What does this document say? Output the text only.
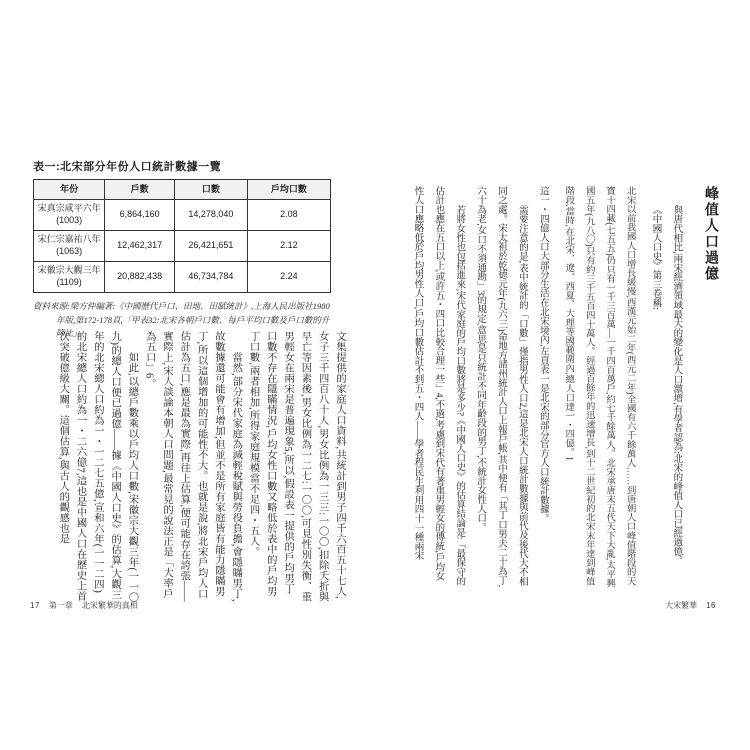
峰值人口過億

與唐代相比,兩宋經濟領域最大的變化是人口激增,有學者認為:北宋的峰值人口已經過億。

《中國人口史》第三卷稱:

北宋以前我國人口增長緩慢,西漢元始二年(西元二年)全國有六千餘萬人……到唐朝人口峰值階段的天寶十四載(七五五)仍只有一千三百萬—一千四百萬戶,約七千餘萬人。北宋承唐末五代天下大亂,太平興國五年(九八〇)只有約三千五百四十萬人。經過百餘年的迅速增長,到十二世紀初的北宋末年達到峰值階段,當時,在北宋、遼、西夏、大理等國範圍內,總人口達一・四億。1

這一・四億人口大部分生活在北宋境內,左頁表一是北宋的部分官方人口統計數據。

需要注意的是,表中統計的「口數」僅指男性人口2,這是北宋人口統計數據與前代及後代大不相同之處。宋太祖於乾德元年(九六三)命地方諸州統計人口上報戶帳,其中便有「其丁口男夫二十為丁,六十為老,女口不須通勘」3的規定,意思是只統計不同年齡段的男丁,不統計女性人口。

若將女性也包括進來,宋代家庭的戶均口數將是多少?《中國人口史》的估算結論是:「最保守的估計也應在五口以上,或許五・四口比較合理一些」4,不過,考慮到宋代有著重男輕女的傳統,戶均女性人口應略低於戶均男性人口,戶均口數估計不到五・四人——學者程民生利用四十一種兩宋

大宋繁華 16

表一:北宋部分年份人口統計數據一覽

年份	戶數	口數	戶均口數

宋真宗咸平六年
(1003)	6,864,160	14,278,040	2.08

宋仁宗嘉祐八年
(1063)	12,462,317	26,421,651	2.12

宋徽宗大觀三年
(1109)	20,882,438	46,734,784	2.24

資料來源:梁方仲編著:《中國歷代戶口、田地、田賦統計》,上海人民出版社1980年版,第172-178頁,「甲表32:北宋各朝戶口數、每戶平均口數及戶口數的升降比」。	文集提供的家庭人口資料,共統計到男子四千六百五十七人,女子三千四百八十人,男女比例為一三三:一〇〇,扣除夭折與早亡等因素後,男女比例為一二七:一〇〇,可見性別失衡、重男輕女在兩宋是普遍現象5,所以,假設表一提供的戶均男丁口數不存在隱瞞情況,戶均女性口數又略低於表中的戶均男丁口數,兩者相加,所得家庭規模當不足四・五人。

當然,部分宋代家庭為減輕稅賦與勞役負擔,會隱瞞男丁,故數據還可能會有增加;但並不是所有家庭皆有能力隱瞞男丁,所以這個增加的可能性不大。也就是說,將北宋戶均人口估計為五口,應是最為實際,再往上估算,便可能存在誇張——實際上,宋人談論本朝人口問題,最常見的說法正是「大率戶為五口」6。

如此,以總戶數乘以戶均人口數,宋徽宗大觀三年(一一〇九)的總人口便已過億——據《中國人口史》的估算,大觀三年的北宋總人口約為一・一二七五億,宣和六年(一一二四)的北宋總人口約為一・二六億7,這也是中國人口在歷史上首次突破億級大關。這個估算,與古人的觀感也是

17 第一章 北宋繁華的真相
